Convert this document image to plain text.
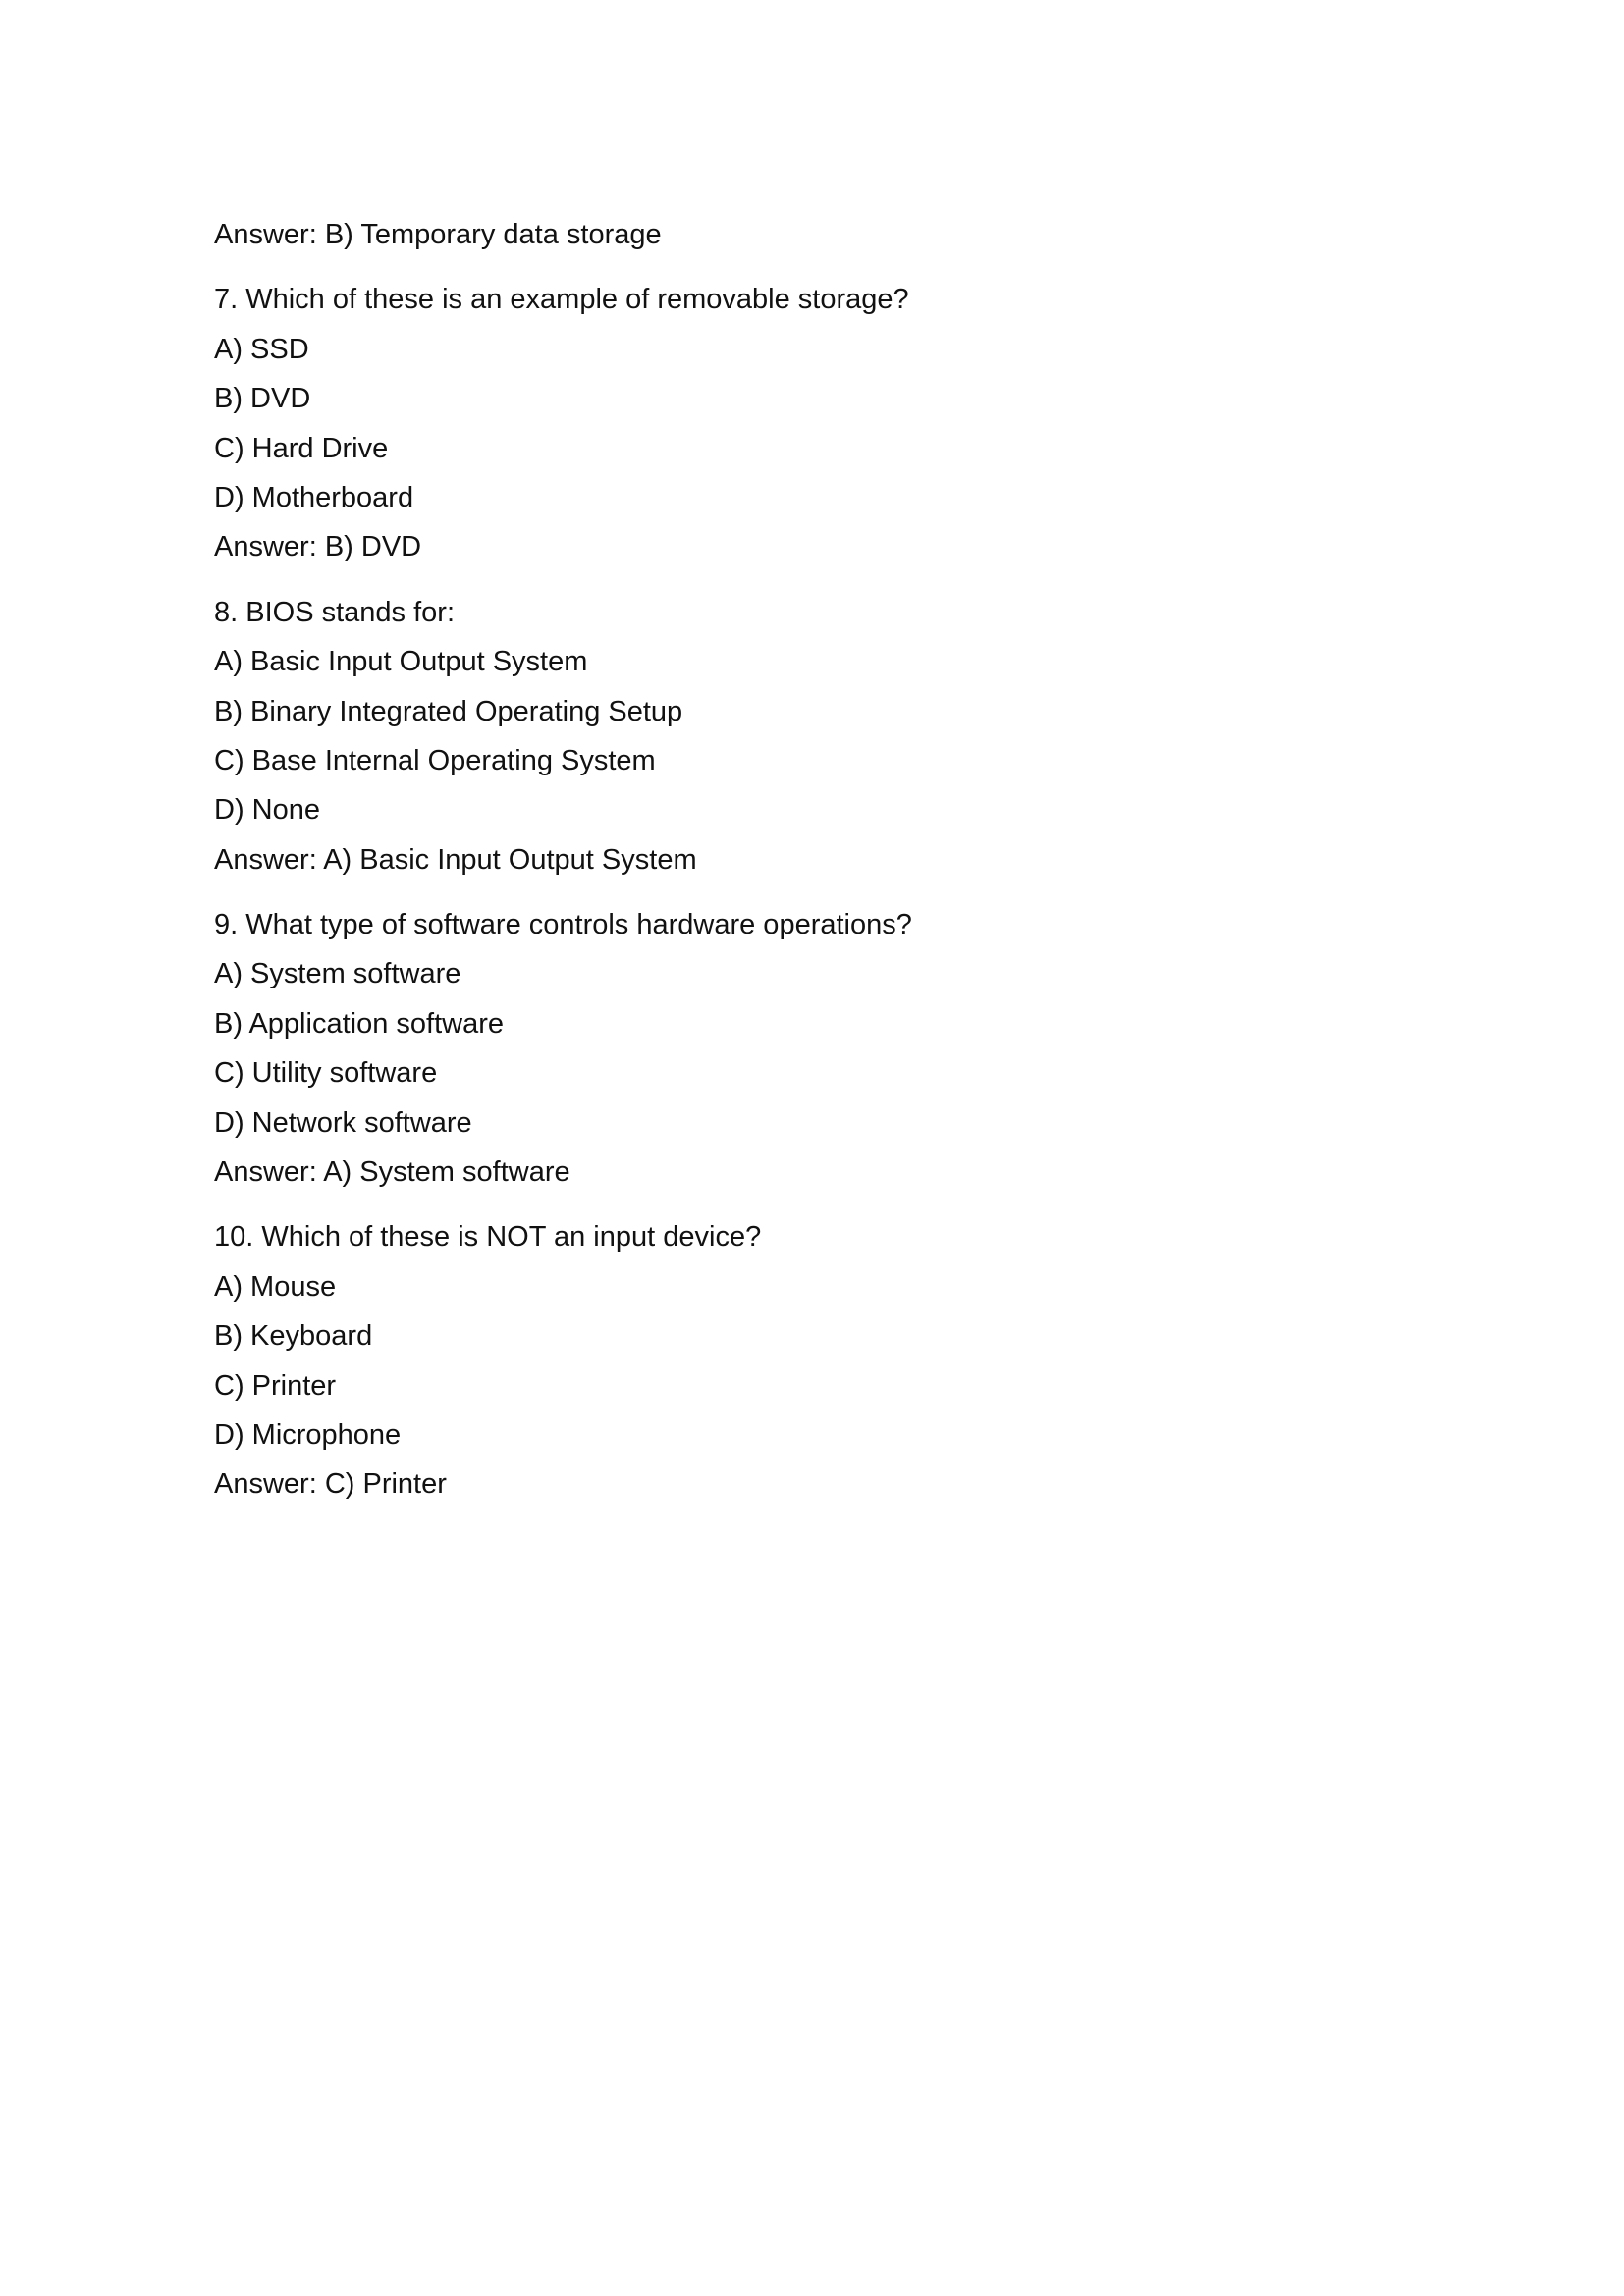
Answer: B) Temporary data storage
7. Which of these is an example of removable storage?
A) SSD
B) DVD
C) Hard Drive
D) Motherboard
Answer: B) DVD
8. BIOS stands for:
A) Basic Input Output System
B) Binary Integrated Operating Setup
C) Base Internal Operating System
D) None
Answer: A) Basic Input Output System
9. What type of software controls hardware operations?
A) System software
B) Application software
C) Utility software
D) Network software
Answer: A) System software
10. Which of these is NOT an input device?
A) Mouse
B) Keyboard
C) Printer
D) Microphone
Answer: C) Printer
